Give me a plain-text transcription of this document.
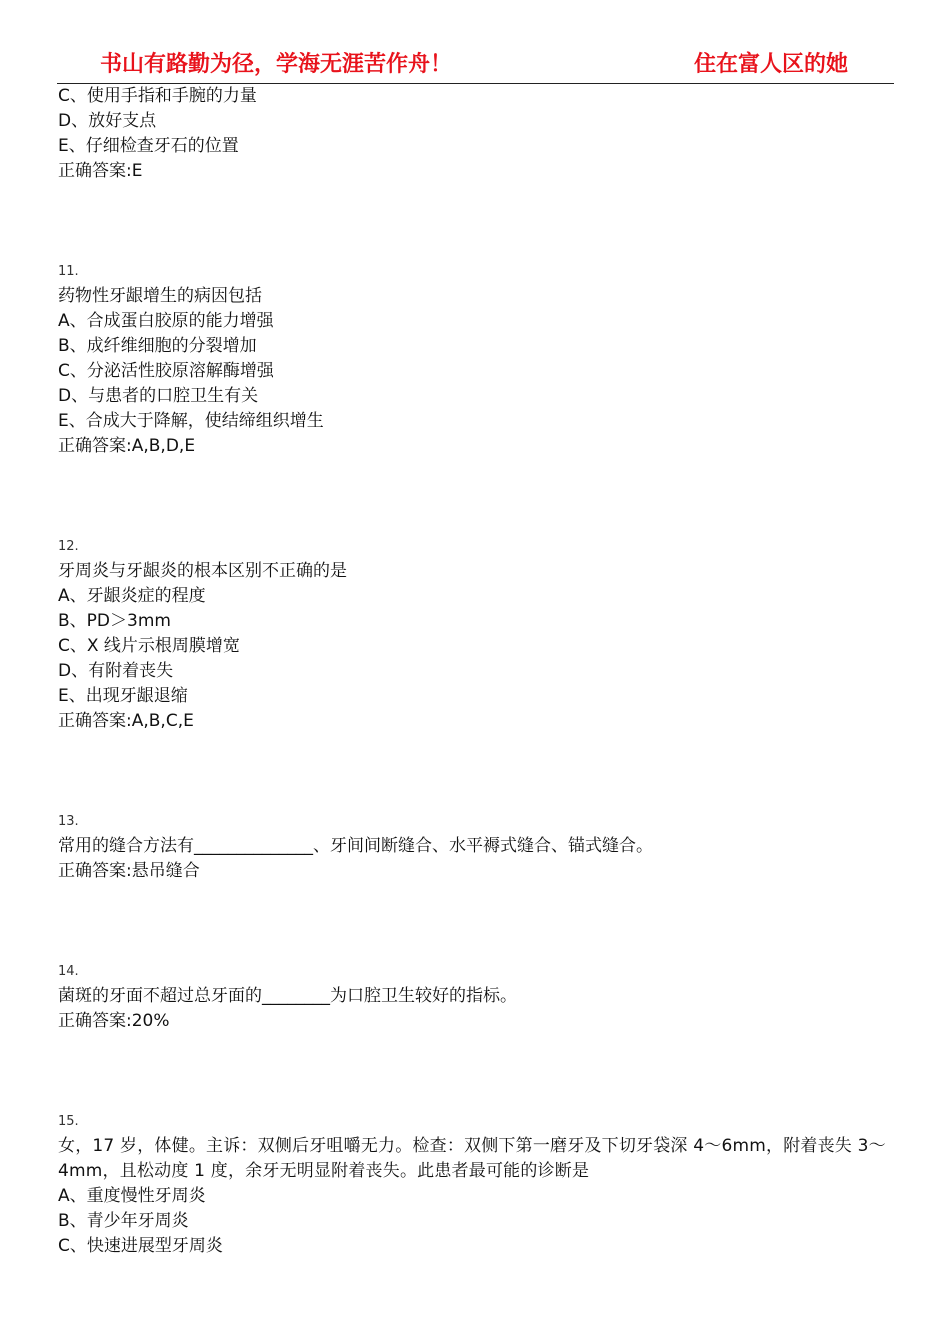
书山有路勤为径，学海无涯苦作舟！	住在富人区的她
C、使用手指和手腕的力量
D、放好支点
E、仔细检查牙石的位置
正确答案:E
11.
药物性牙龈增生的病因包括
A、合成蛋白胶原的能力增强
B、成纤维细胞的分裂增加
C、分泌活性胶原溶解酶增强
D、与患者的口腔卫生有关
E、合成大于降解，使结缔组织增生
正确答案:A,B,D,E
12.
牙周炎与牙龈炎的根本区别不正确的是
A、牙龈炎症的程度
B、PD＞3mm
C、X 线片示根周膜增宽
D、有附着丧失
E、出现牙龈退缩
正确答案:A,B,C,E
13.
常用的缝合方法有______________、牙间间断缝合、水平褥式缝合、锚式缝合。
正确答案:悬吊缝合
14.
菌斑的牙面不超过总牙面的________为口腔卫生较好的指标。
正确答案:20%
15.
女，17 岁，体健。主诉：双侧后牙咀嚼无力。检查：双侧下第一磨牙及下切牙袋深 4～6mm，附着丧失 3～4mm，且松动度 1 度，余牙无明显附着丧失。此患者最可能的诊断是
A、重度慢性牙周炎
B、青少年牙周炎
C、快速进展型牙周炎
